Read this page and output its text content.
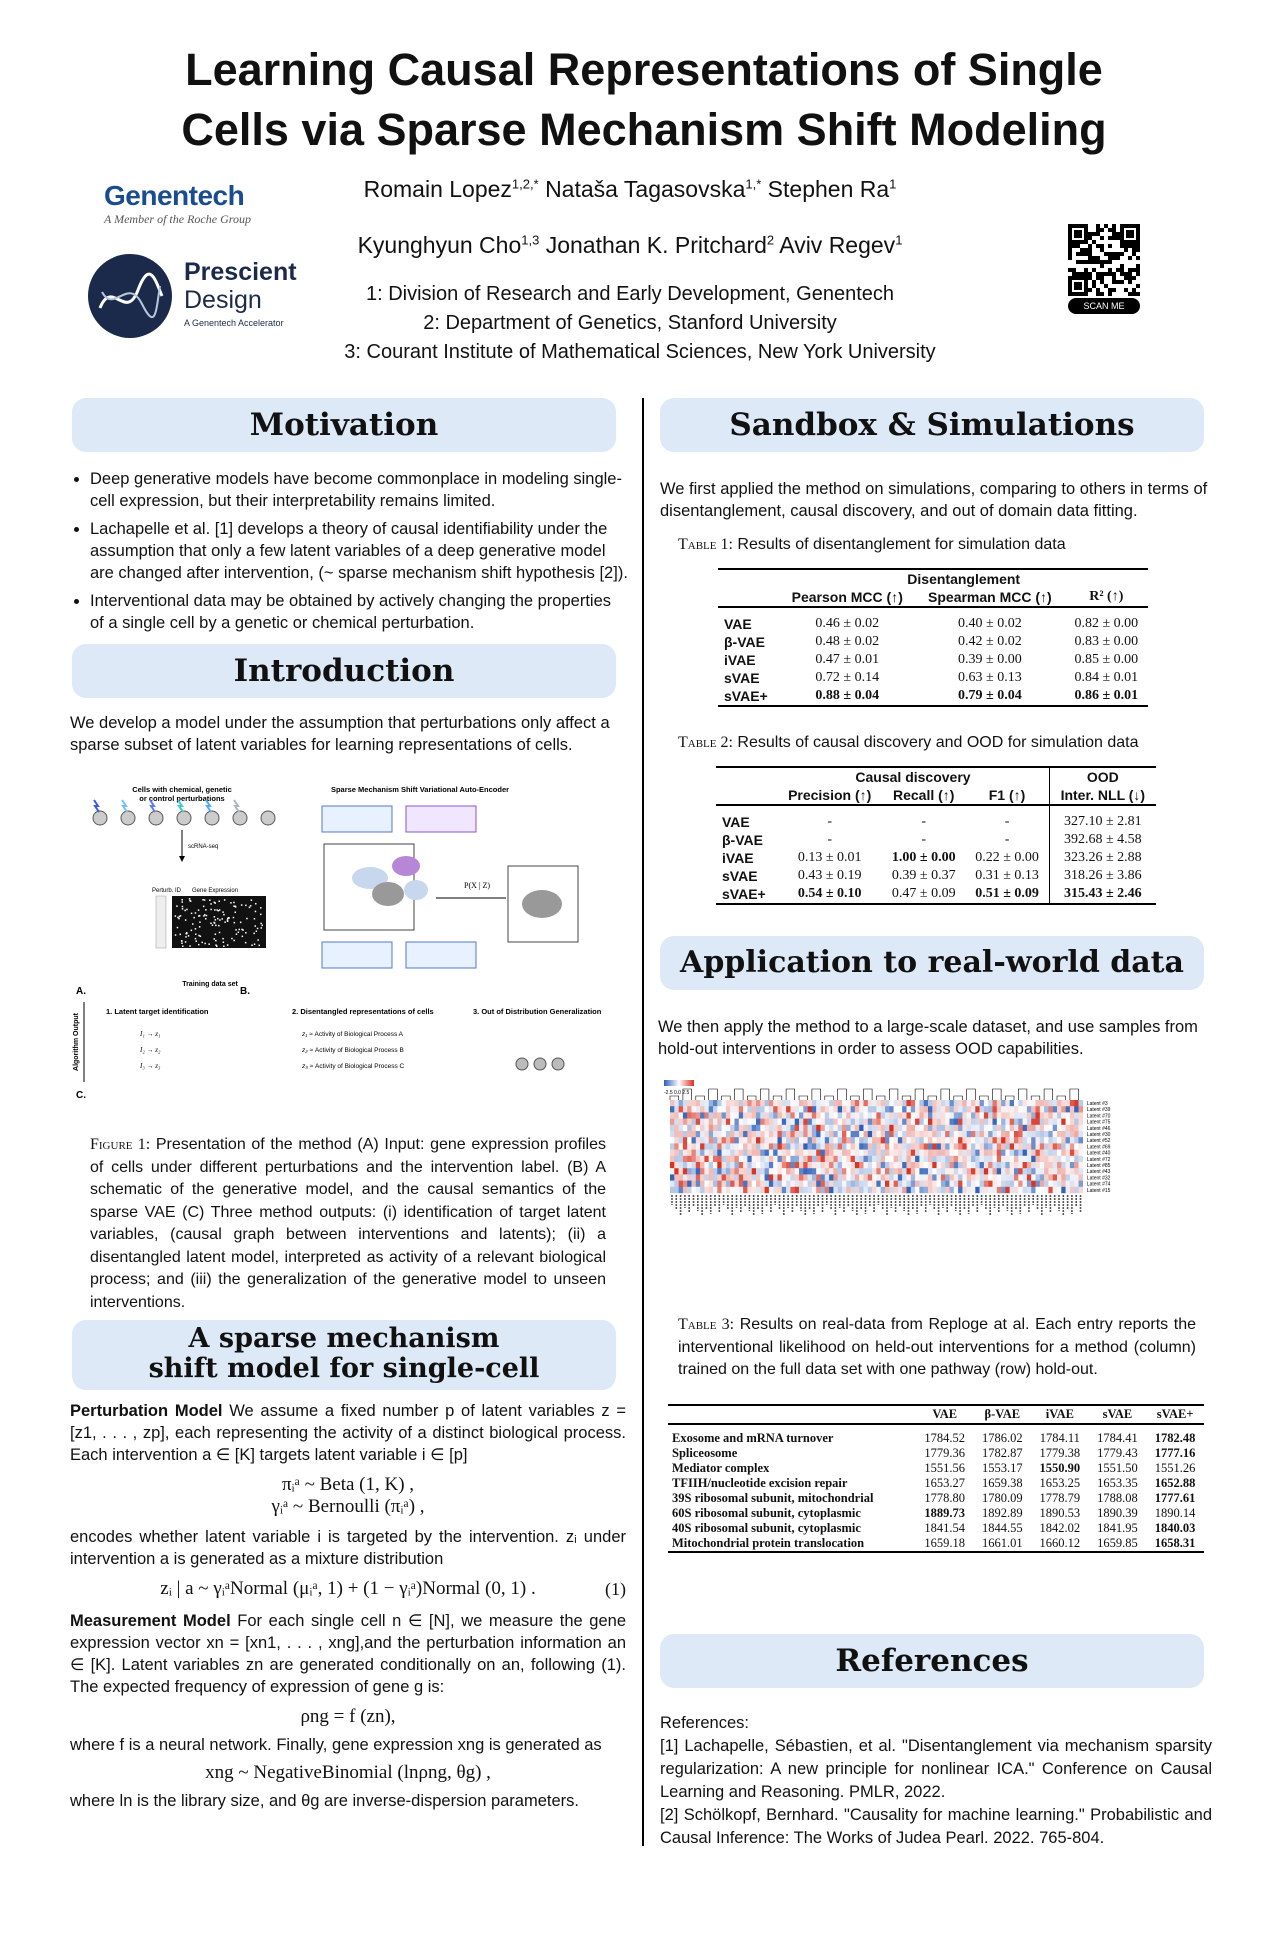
Learning Causal Representations of Single
Cells via Sparse Mechanism Shift Modeling
Romain Lopez$^{1,2,*}$ Nataša Tagasovska$^{1,*}$ Stephen Ra$^1$
Kyunghyun Cho$^{1,3}$ Jonathan K. Pritchard$^2$ Aviv Regev$^1$
1: Division of Research and Early Development, Genentech
2: Department of Genetics, Stanford University
3: Courant Institute of Mathematical Sciences, New York University
Genentech
A Member of the Roche Group
Prescient
Design
A Genentech Accelerator
SCAN ME
Motivation
• Deep generative models have become commonplace in modeling single-cell expression, but their interpretability remains limited.
• Lachapelle et al. [1] develops a theory of causal identifiability under the assumption that only a few latent variables of a deep generative model are changed after intervention, (~ sparse mechanism shift hypothesis [2]).
• Interventional data may be obtained by actively changing the properties of a single cell by a genetic or chemical perturbation.
Introduction
We develop a model under the assumption that perturbations only affect a sparse subset of latent variables for learning representations of cells.
Cells with chemical, genetic or control perturbations
scRNA-seq
Perturb. ID Gene Expression
Training data set
A.
Sparse Mechanism Shift Variational Auto-Encoder
P(X | Z)
B.
Algorithm Output
1. Latent target identification	2. Disentangled representations of cells	3. Out of Distribution Generalization
I₁ → z₁
I₂ → z₂
I₃ → z₃
z₁ ≈ Activity of Biological Process A
z₂ ≈ Activity of Biological Process B
z₃ ≈ Activity of Biological Process C
C.
Figure 1: Presentation of the method (A) Input: gene expression profiles of cells under different perturbations and the intervention label. (B) A schematic of the generative model, and the causal semantics of the sparse VAE (C) Three method outputs: (i) identification of target latent variables, (causal graph between interventions and latents); (ii) a disentangled latent model, interpreted as activity of a relevant biological process; and (iii) the generalization of the generative model to unseen interventions.
A sparse mechanism
shift model for single-cell
Perturbation Model We assume a fixed number p of latent variables z = [z1, . . . , zp], each representing the activity of a distinct biological process. Each intervention a ∈ [K] targets latent variable i ∈ [p]
πᵢᵃ ~ Beta (1, K) ,
γᵢᵃ ~ Bernoulli (πᵢᵃ) ,
encodes whether latent variable i is targeted by the intervention. zᵢ under intervention a is generated as a mixture distribution
zᵢ | a ~ γᵢᵃNormal (μᵢᵃ, 1) + (1 − γᵢᵃ)Normal (0, 1) .	(1)
Measurement Model For each single cell n ∈ [N], we measure the gene expression vector xn = [xn1, . . . , xng],and the perturbation information an ∈ [K]. Latent variables zn are generated conditionally on an, following (1). The expected frequency of expression of gene g is:
ρng = f (zn),
where f is a neural network. Finally, gene expression xng is generated as
xng ~ NegativeBinomial (lnρng, θg) ,
where ln is the library size, and θg are inverse-dispersion parameters.
Sandbox & Simulations
We first applied the method on simulations, comparing to others in terms of disentanglement, causal discovery, and out of domain data fitting.
Table 1: Results of disentanglement for simulation data
	Disentanglement		
	Pearson MCC (↑)	Spearman MCC (↑)	R² (↑)
VAE	0.46 ± 0.02	0.40 ± 0.02	0.82 ± 0.00
β-VAE	0.48 ± 0.02	0.42 ± 0.02	0.83 ± 0.00
iVAE	0.47 ± 0.01	0.39 ± 0.00	0.85 ± 0.00
sVAE	0.72 ± 0.14	0.63 ± 0.13	0.84 ± 0.01
sVAE+	0.88 ± 0.04	0.79 ± 0.04	0.86 ± 0.01
Table 2: Results of causal discovery and OOD for simulation data
	Causal discovery			OOD
	Precision (↑)	Recall (↑)	F1 (↑)	Inter. NLL (↓)
VAE	-	-	-	327.10 ± 2.81
β-VAE	-	-	-	392.68 ± 4.58
iVAE	0.13 ± 0.01	1.00 ± 0.00	0.22 ± 0.00	323.26 ± 2.88
sVAE	0.43 ± 0.19	0.39 ± 0.37	0.31 ± 0.13	318.26 ± 3.86
sVAE+	0.54 ± 0.10	0.47 ± 0.09	0.51 ± 0.09	315.43 ± 2.46
Application to real-world data
We then apply the method to a large-scale dataset, and use samples from hold-out interventions in order to assess OOD capabilities.
-2.5 0.0 2.5
Latent #3
Latent #39
Latent #70
Latent #75
Latent #46
Latent #30
Latent #52
Latent #69
Latent #40
Latent #72
Latent #85
Latent #43
Latent #32
Latent #74
Latent #15
Table 3: Results on real-data from Reploge at al. Each entry reports the interventional likelihood on held-out interventions for a method (column) trained on the full data set with one pathway (row) hold-out.
	VAE	β-VAE	iVAE	sVAE	sVAE+

Exosome and mRNA turnover	1784.52	1786.02	1784.11	1784.41	1782.48
Spliceosome	1779.36	1782.87	1779.38	1779.43	1777.16
Mediator complex	1551.56	1553.17	1550.90	1551.50	1551.26
TFIIH/nucleotide excision repair	1653.27	1659.38	1653.25	1653.35	1652.88
39S ribosomal subunit, mitochondrial	1778.80	1780.09	1778.79	1788.08	1777.61
60S ribosomal subunit, cytoplasmic	1889.73	1892.89	1890.53	1890.39	1890.14
40S ribosomal subunit, cytoplasmic	1841.54	1844.55	1842.02	1841.95	1840.03
Mitochondrial protein translocation	1659.18	1661.01	1660.12	1659.85	1658.31
References
References:
[1] Lachapelle, Sébastien, et al. "Disentanglement via mechanism sparsity regularization: A new principle for nonlinear ICA." Conference on Causal Learning and Reasoning. PMLR, 2022.
[2] Schölkopf, Bernhard. "Causality for machine learning." Probabilistic and Causal Inference: The Works of Judea Pearl. 2022. 765-804.
